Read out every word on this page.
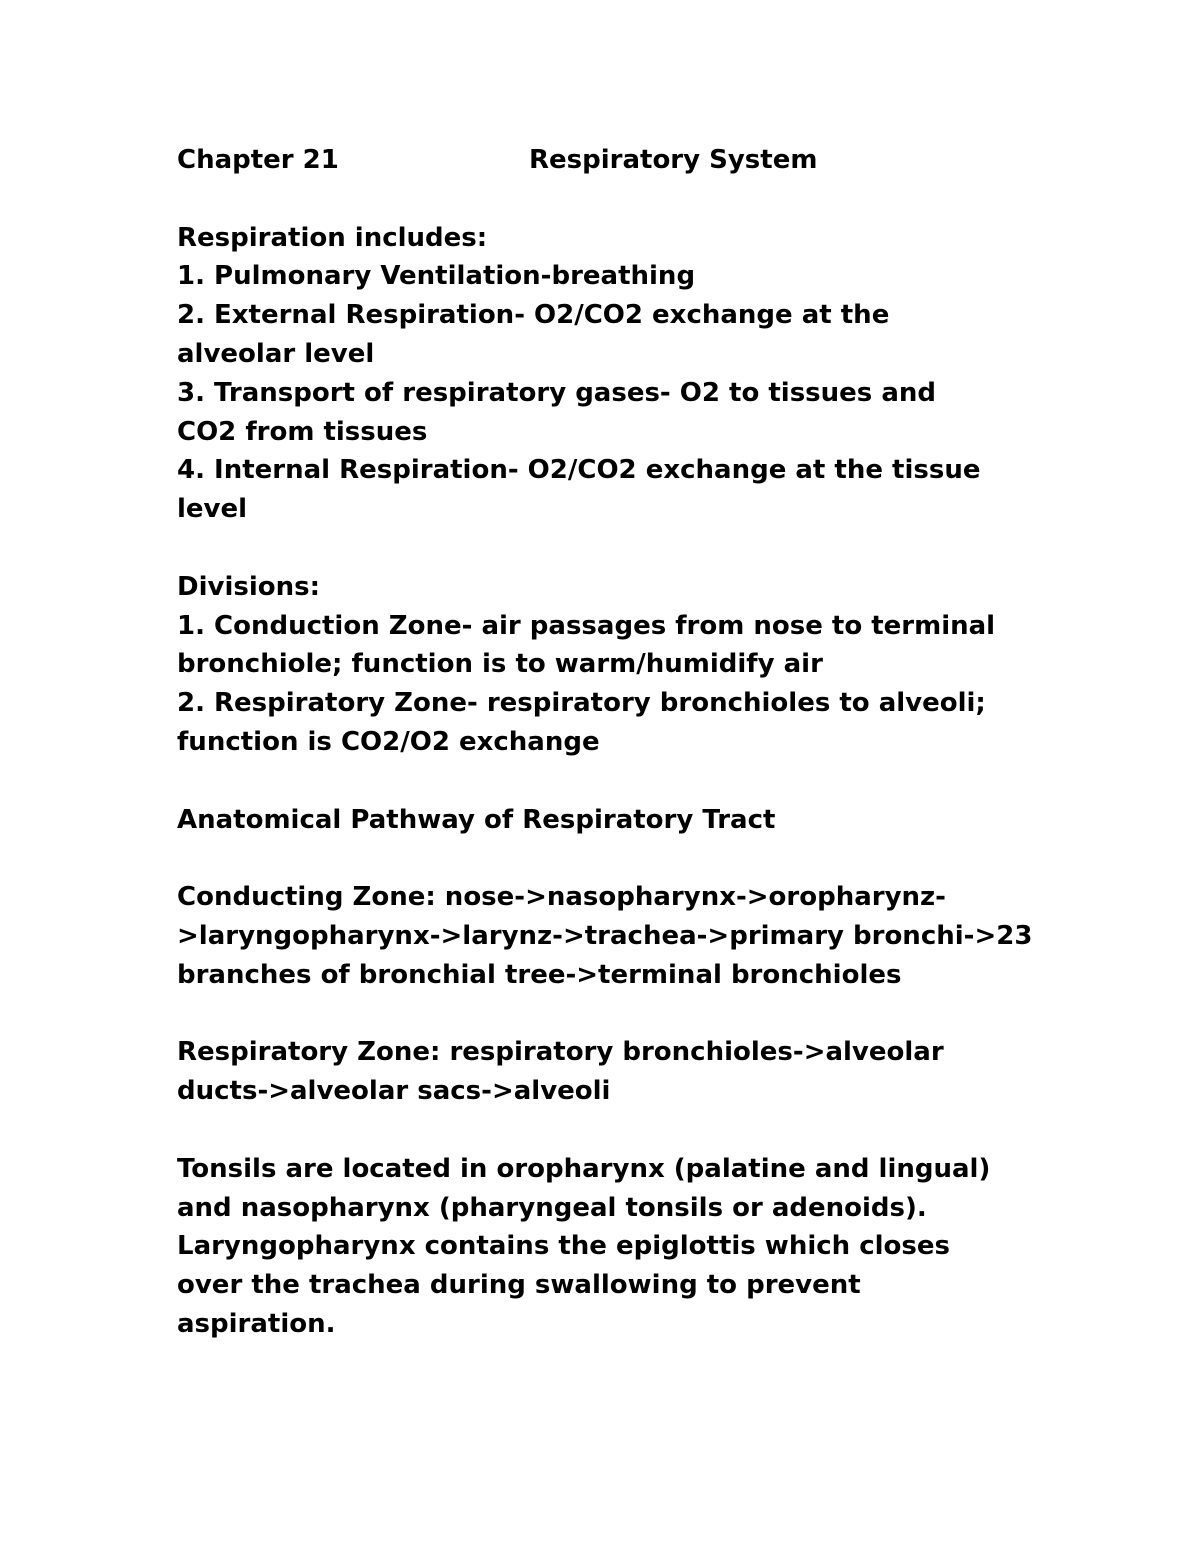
Chapter 21	Respiratory System
Respiration includes:
1. Pulmonary Ventilation-breathing
2. External Respiration- O2/CO2 exchange at the
alveolar level
3. Transport of respiratory gases- O2 to tissues and
CO2 from tissues
4. Internal Respiration- O2/CO2 exchange at the tissue
level
Divisions:
1. Conduction Zone- air passages from nose to terminal
bronchiole; function is to warm/humidify air
2. Respiratory Zone- respiratory bronchioles to alveoli;
function is CO2/O2 exchange
Anatomical Pathway of Respiratory Tract
Conducting Zone: nose->nasopharynx->oropharynz-
>laryngopharynx->larynz->trachea->primary bronchi->23
branches of bronchial tree->terminal bronchioles
Respiratory Zone: respiratory bronchioles->alveolar
ducts->alveolar sacs->alveoli
Tonsils are located in oropharynx (palatine and lingual)
and nasopharynx (pharyngeal tonsils or adenoids).
Laryngopharynx contains the epiglottis which closes
over the trachea during swallowing to prevent
aspiration.
